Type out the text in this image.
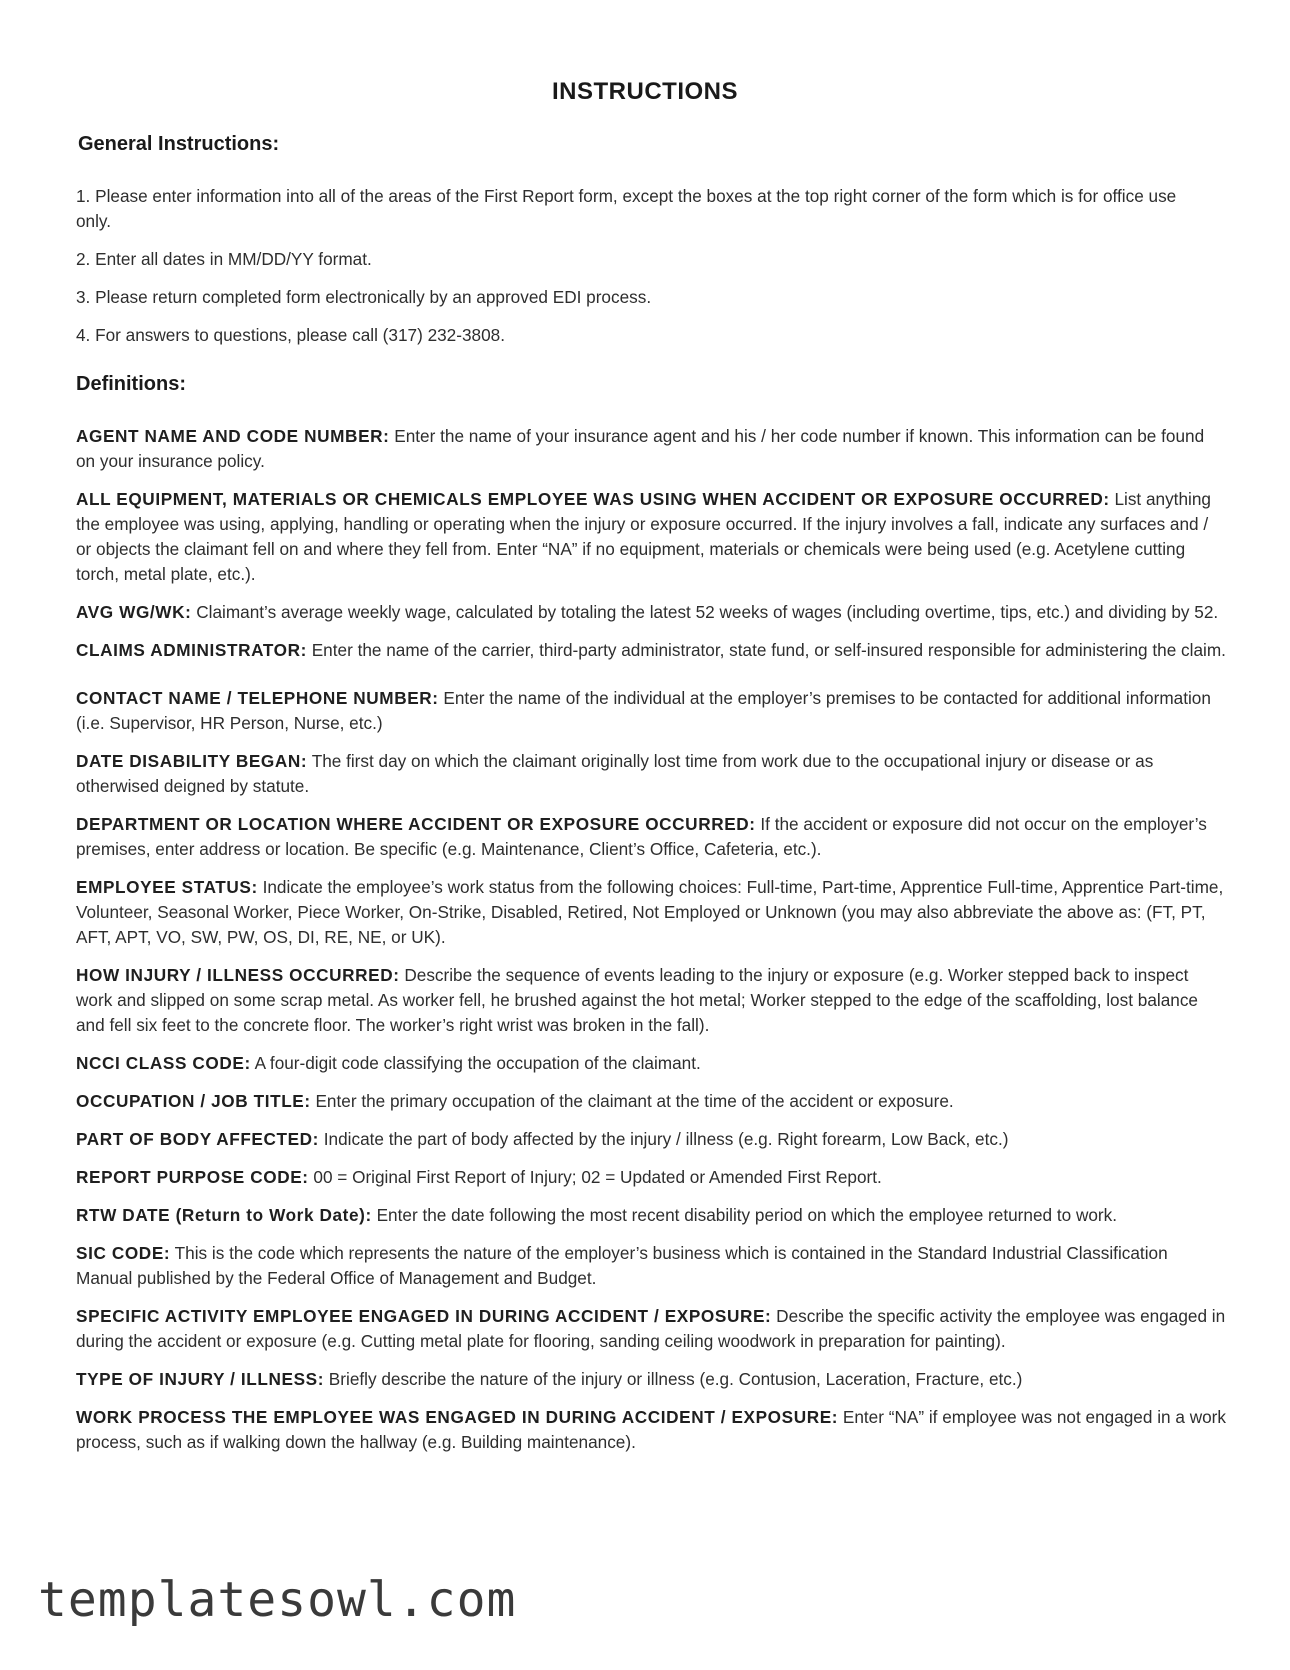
INSTRUCTIONS
General Instructions:

1. Please enter information into all of the areas of the First Report form, except the boxes at the top right corner of the form which is for office use only.

2. Enter all dates in MM/DD/YY format.

3. Please return completed form electronically by an approved EDI process.

4. For answers to questions, please call (317) 232-3808.

Definitions:

AGENT NAME AND CODE NUMBER: Enter the name of your insurance agent and his / her code number if known. This information can be found on your insurance policy.

ALL EQUIPMENT, MATERIALS OR CHEMICALS EMPLOYEE WAS USING WHEN ACCIDENT OR EXPOSURE OCCURRED: List anything the employee was using, applying, handling or operating when the injury or exposure occurred. If the injury involves a fall, indicate any surfaces and / or objects the claimant fell on and where they fell from. Enter “NA” if no equipment, materials or chemicals were being used (e.g. Acetylene cutting torch, metal plate, etc.).

AVG WG/WK: Claimant’s average weekly wage, calculated by totaling the latest 52 weeks of wages (including overtime, tips, etc.) and dividing by 52.

CLAIMS ADMINISTRATOR: Enter the name of the carrier, third-party administrator, state fund, or self-insured responsible for administering the claim.

CONTACT NAME / TELEPHONE NUMBER: Enter the name of the individual at the employer’s premises to be contacted for additional information (i.e. Supervisor, HR Person, Nurse, etc.)

DATE DISABILITY BEGAN: The first day on which the claimant originally lost time from work due to the occupational injury or disease or as otherwised deigned by statute.

DEPARTMENT OR LOCATION WHERE ACCIDENT OR EXPOSURE OCCURRED: If the accident or exposure did not occur on the employer’s premises, enter address or location. Be specific (e.g. Maintenance, Client’s Office, Cafeteria, etc.).

EMPLOYEE STATUS: Indicate the employee’s work status from the following choices: Full-time, Part-time, Apprentice Full-time, Apprentice Part-time, Volunteer, Seasonal Worker, Piece Worker, On-Strike, Disabled, Retired, Not Employed or Unknown (you may also abbreviate the above as: (FT, PT, AFT, APT, VO, SW, PW, OS, DI, RE, NE, or UK).

HOW INJURY / ILLNESS OCCURRED: Describe the sequence of events leading to the injury or exposure (e.g. Worker stepped back to inspect work and slipped on some scrap metal. As worker fell, he brushed against the hot metal; Worker stepped to the edge of the scaffolding, lost balance and fell six feet to the concrete floor. The worker’s right wrist was broken in the fall).

NCCI CLASS CODE: A four-digit code classifying the occupation of the claimant.

OCCUPATION / JOB TITLE: Enter the primary occupation of the claimant at the time of the accident or exposure.

PART OF BODY AFFECTED: Indicate the part of body affected by the injury / illness (e.g. Right forearm, Low Back, etc.)

REPORT PURPOSE CODE: 00 = Original First Report of Injury; 02 = Updated or Amended First Report.

RTW DATE (Return to Work Date): Enter the date following the most recent disability period on which the employee returned to work.

SIC CODE: This is the code which represents the nature of the employer’s business which is contained in the Standard Industrial Classification Manual published by the Federal Office of Management and Budget.

SPECIFIC ACTIVITY EMPLOYEE ENGAGED IN DURING ACCIDENT / EXPOSURE: Describe the specific activity the employee was engaged in during the accident or exposure (e.g. Cutting metal plate for flooring, sanding ceiling woodwork in preparation for painting).

TYPE OF INJURY / ILLNESS: Briefly describe the nature of the injury or illness (e.g. Contusion, Laceration, Fracture, etc.)

WORK PROCESS THE EMPLOYEE WAS ENGAGED IN DURING ACCIDENT / EXPOSURE: Enter “NA” if employee was not engaged in a work process, such as if walking down the hallway (e.g. Building maintenance).

templatesowl.com
